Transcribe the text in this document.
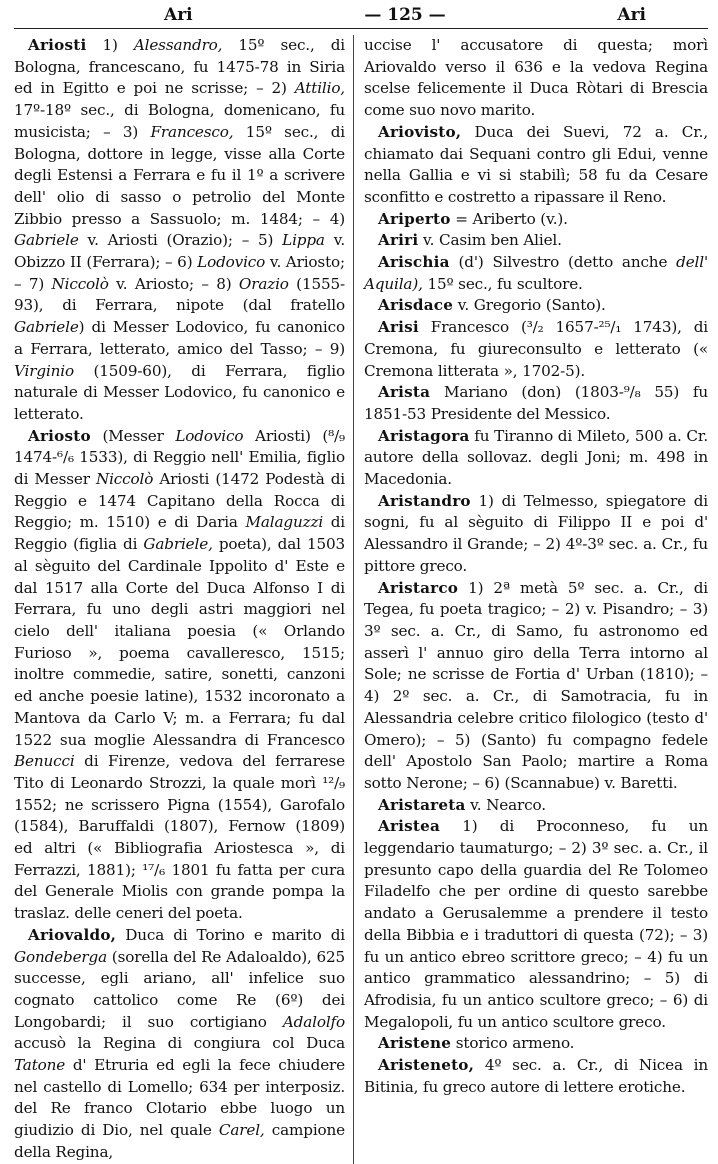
Ari	— 125 —	Ari

Ariosti 1) Alessandro, 15º sec., di Bologna, francescano, fu 1475-78 in Siria ed in Egitto e poi ne scrisse; – 2) Attilio, 17º-18º sec., di Bologna, domenicano, fu musicista; – 3) Francesco, 15º sec., di Bologna, dottore in legge, visse alla Corte degli Estensi a Ferrara e fu il 1º a scrivere dell' olio di sasso o petrolio del Monte Zibbio presso a Sassuolo; m. 1484; – 4) Gabriele v. Ariosti (Orazio); – 5) Lippa v. Obizzo II (Ferrara); – 6) Lodovico v. Ariosto; – 7) Niccolò v. Ariosto; – 8) Orazio (1555-93), di Ferrara, nipote (dal fratello Gabriele) di Messer Lodovico, fu canonico a Ferrara, letterato, amico del Tasso; – 9) Virginio (1509-60), di Ferrara, figlio naturale di Messer Lodovico, fu canonico e letterato.

Ariosto (Messer Lodovico Ariosti) (⁸/₉ 1474-⁶/₆ 1533), di Reggio nell' Emilia, figlio di Messer Niccolò Ariosti (1472 Podestà di Reggio e 1474 Capitano della Rocca di Reggio; m. 1510) e di Daria Malaguzzi di Reggio (figlia di Gabriele, poeta), dal 1503 al sèguito del Cardinale Ippolito d' Este e dal 1517 alla Corte del Duca Alfonso I di Ferrara, fu uno degli astri maggiori nel cielo dell' italiana poesia (« Orlando Furioso », poema cavalleresco, 1515; inoltre commedie, satire, sonetti, canzoni ed anche poesie latine), 1532 incoronato a Mantova da Carlo V; m. a Ferrara; fu dal 1522 sua moglie Alessandra di Francesco Benucci di Firenze, vedova del ferrarese Tito di Leonardo Strozzi, la quale morì ¹²/₉ 1552; ne scrissero Pigna (1554), Garofalo (1584), Baruffaldi (1807), Fernow (1809) ed altri (« Bibliografia Ariostesca », di Ferrazzi, 1881); ¹⁷/₆ 1801 fu fatta per cura del Generale Miolis con grande pompa la traslaz. delle ceneri del poeta.

Ariovaldo, Duca di Torino e marito di Gondeberga (sorella del Re Adaloaldo), 625 successe, egli ariano, all' infelice suo cognato cattolico come Re (6º) dei Longobardi; il suo cortigiano Adalolfo accusò la Regina di congiura col Duca Tatone d' Etruria ed egli la fece chiudere nel castello di Lomello; 634 per interposiz. del Re franco Clotario ebbe luogo un giudizio di Dio, nel quale Carel, campione della Regina,

uccise l' accusatore di questa; morì Ariovaldo verso il 636 e la vedova Regina scelse felicemente il Duca Ròtari di Brescia come suo novo marito.

Ariovisto, Duca dei Suevi, 72 a. Cr., chiamato dai Sequani contro gli Edui, venne nella Gallia e vi si stabilì; 58 fu da Cesare sconfitto e costretto a ripassare il Reno.

Ariperto = Ariberto (v.).

Ariri v. Casim ben Aliel.

Arischia (d') Silvestro (detto anche dell' Aquila), 15º sec., fu scultore.

Arisdace v. Gregorio (Santo).

Arisi Francesco (³/₂ 1657-²⁵/₁ 1743), di Cremona, fu giureconsulto e letterato (« Cremona litterata », 1702-5).

Arista Mariano (don) (1803-⁹/₈ 55) fu 1851-53 Presidente del Messico.

Aristagora fu Tiranno di Mileto, 500 a. Cr. autore della sollovaz. degli Joni; m. 498 in Macedonia.

Aristandro 1) di Telmesso, spiegatore di sogni, fu al sèguito di Filippo II e poi d' Alessandro il Grande; – 2) 4º-3º sec. a. Cr., fu pittore greco.

Aristarco 1) 2ª metà 5º sec. a. Cr., di Tegea, fu poeta tragico; – 2) v. Pisandro; – 3) 3º sec. a. Cr., di Samo, fu astronomo ed asserì l' annuo giro della Terra intorno al Sole; ne scrisse de Fortia d' Urban (1810); – 4) 2º sec. a. Cr., di Samotracia, fu in Alessandria celebre critico filologico (testo d' Omero); – 5) (Santo) fu compagno fedele dell' Apostolo San Paolo; martire a Roma sotto Nerone; – 6) (Scannabue) v. Baretti.

Aristareta v. Nearco.

Aristea 1) di Proconneso, fu un leggendario taumaturgo; – 2) 3º sec. a. Cr., il presunto capo della guardia del Re Tolomeo Filadelfo che per ordine di questo sarebbe andato a Gerusalemme a prendere il testo della Bibbia e i traduttori di questa (72); – 3) fu un antico ebreo scrittore greco; – 4) fu un antico grammatico alessandrino; – 5) di Afrodisia, fu un antico scultore greco; – 6) di Megalopoli, fu un antico scultore greco.

Aristene storico armeno.

Aristeneto, 4º sec. a. Cr., di Nicea in Bitinia, fu greco autore di lettere erotiche.
